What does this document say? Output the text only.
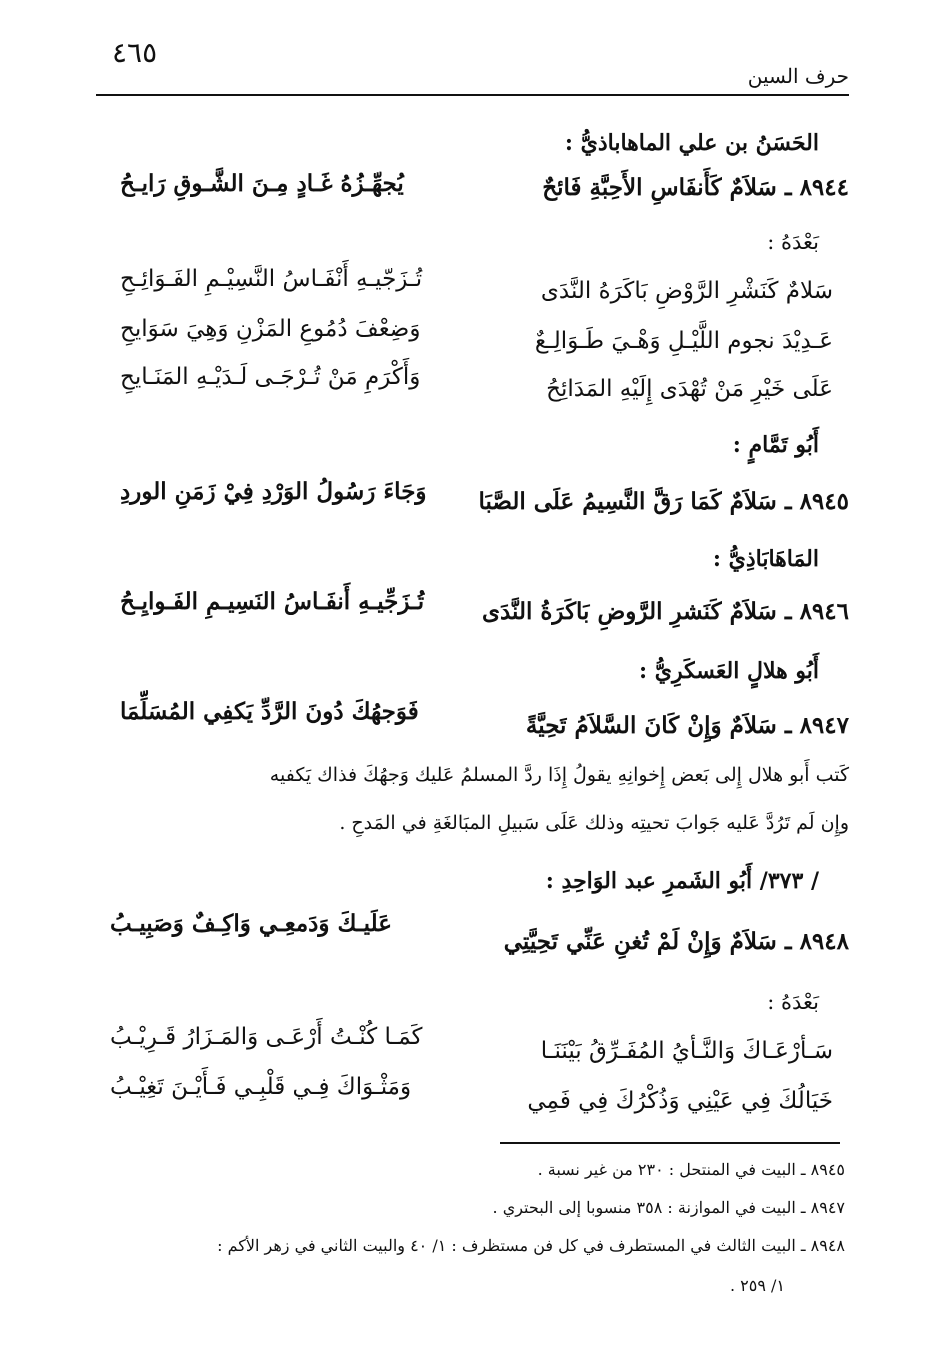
٤٦٥
حرف السين
الحَسَنُ بن علي الماهاباذيُّ :
٨٩٤٤ ـ سَلاَمٌ كَأَنفَاسِ الأَحِبَّةِ فَائحٌ
يُجهِّـزُهُ غَـادٍ مِـنَ الشَّـوقِ رَايـحُ
بَعْدَهُ :
سَلامٌ كَنَشْرِ الرَّوْضِ بَاكَرَهُ النَّدَى
تُـزَجّيـهِ أَنْفَـاسُ النَّسِيْـمِ الفَـوَائِـحِ
عَـدِيْدَ نجوم اللَّيْـلِ وَهْـيَ طَـوَالِـعٌ
وَضِعْفَ دُمُوعِ المَزْنِ وَهِيَ سَوَايحِ
عَلَى خَيْرِ مَنْ تُهْدَى إِلَيْهِ المَدَائِحُ
وَأَكْرَمِ مَنْ تُـرْجَـى لَـدَيْـهِ المَنَـايحِ
أَبُو تَمَّامٍ :
٨٩٤٥ ـ سَلاَمٌ كَمَا رَقَّ النَّسِيمُ عَلَى الصَّبَا
وَجَاءَ رَسُولُ الوَرْدِ فِيْ زَمَنِ الوردِ
المَاهَابَاذِيُّ :
٨٩٤٦ ـ سَلاَمٌ كَنَشرِ الرَّوضِ بَاكَرَةُ النَّدَى
تُـزَجِّيـهِ أَنفَـاسُ النَسِيـمِ الفَـوايِـحُ
أَبُو هلالٍ العَسكَرِيُّ :
٨٩٤٧ ـ سَلاَمٌ وَإِنْ كَانَ السَّلاَمُ تَحِيَّةً
فَوَجهُكَ دُونَ الرَّدِّ يَكفِي المُسَلِّمَا
كَتب أَبو هلال إِلى بَعض إِخوانِهِ يقولُ إِذَا ردَّ المسلمُ عَليك وَجهُكَ فذاك يَكفيه
وإِن لَم تَرُدَّ عَليه جَوابَ تحيتِه وذلك عَلَى سَبيلِ المبَالغَةِ في المَدحِ .
/ ٣٧٣/ أَبُو الشَمرِ عبد الوَاحِدِ :
٨٩٤٨ ـ سَلاَمٌ وَإِنْ لَمْ تُغنِ عَنِّي تَحِيَّتِي
عَلَيـكَ وَدَمعِـي وَاكِـفٌ وَصَبِيـبُ
بَعْدَهُ :
سَـأرْعَـاكَ وَالنَّـأيُ المُفَـرِّقُ بَيْنَنَـا
كَمَـا كُنْـتُ أَرْعَـى وَالمَـزَارُ قَـرِيْـبُ
خَيَالُكَ فِي عَيْنِي وَذُكْرُكَ فِي فَمِي
وَمَثْـوَاكَ فِـي قَلْبِـي فَـأَيْـنَ تَغِيْـبُ
٨٩٤٥ ـ البيت في المنتحل : ٢٣٠ من غير نسبة .
٨٩٤٧ ـ البيت في الموازنة : ٣٥٨ منسوبا إلى البحتري .
٨٩٤٨ ـ البيت الثالث في المستطرف في كل فن مستظرف : ١/ ٤٠ والبيت الثاني في زهر الأكم :
١/ ٢٥٩ .
